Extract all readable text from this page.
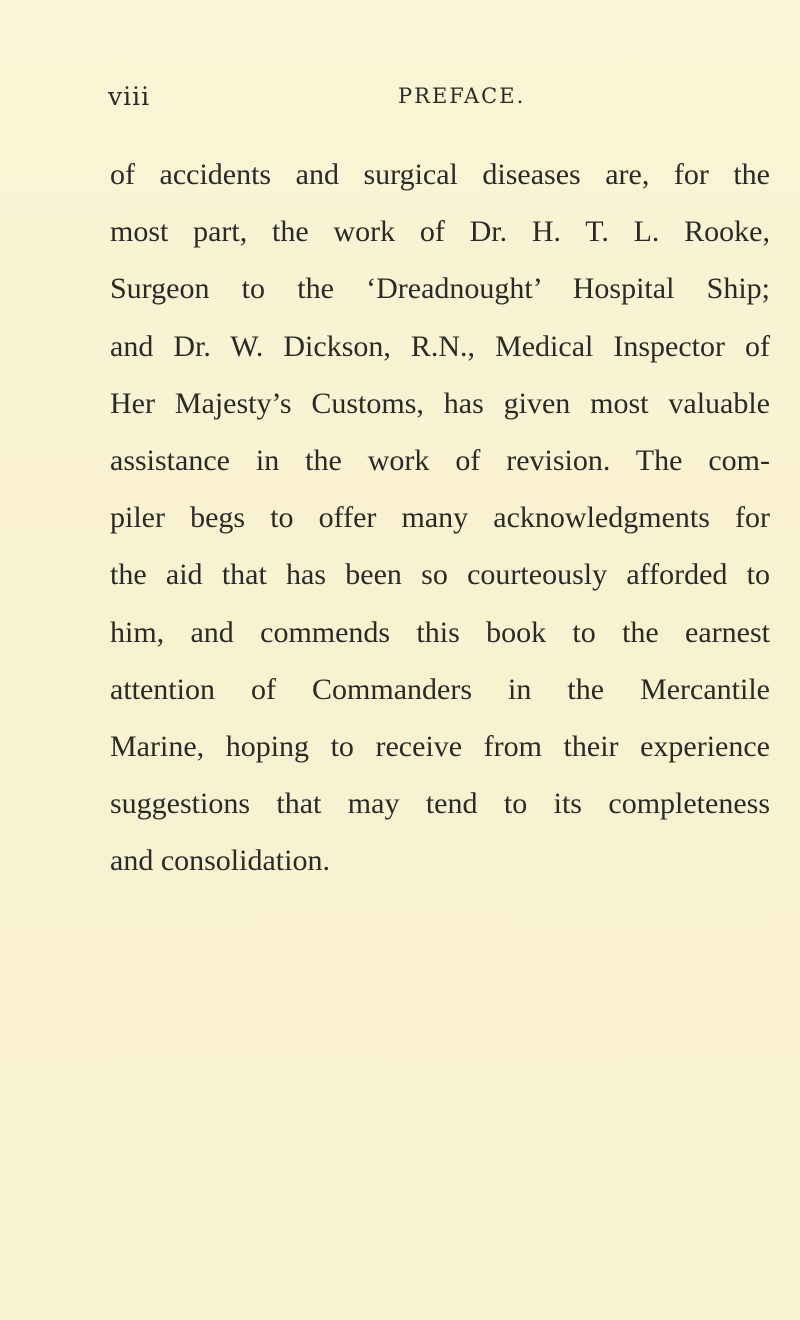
viii	PREFACE.
of accidents and surgical diseases are, for the
most part, the work of Dr. H. T. L. Rooke,
Surgeon to the ‘Dreadnought’ Hospital Ship;
and Dr. W. Dickson, R.N., Medical Inspector of
Her Majesty’s Customs, has given most valuable
assistance in the work of revision. The com-
piler begs to offer many acknowledgments for
the aid that has been so courteously afforded to
him, and commends this book to the earnest
attention of Commanders in the Mercantile
Marine, hoping to receive from their experience
suggestions that may tend to its completeness
and consolidation.
